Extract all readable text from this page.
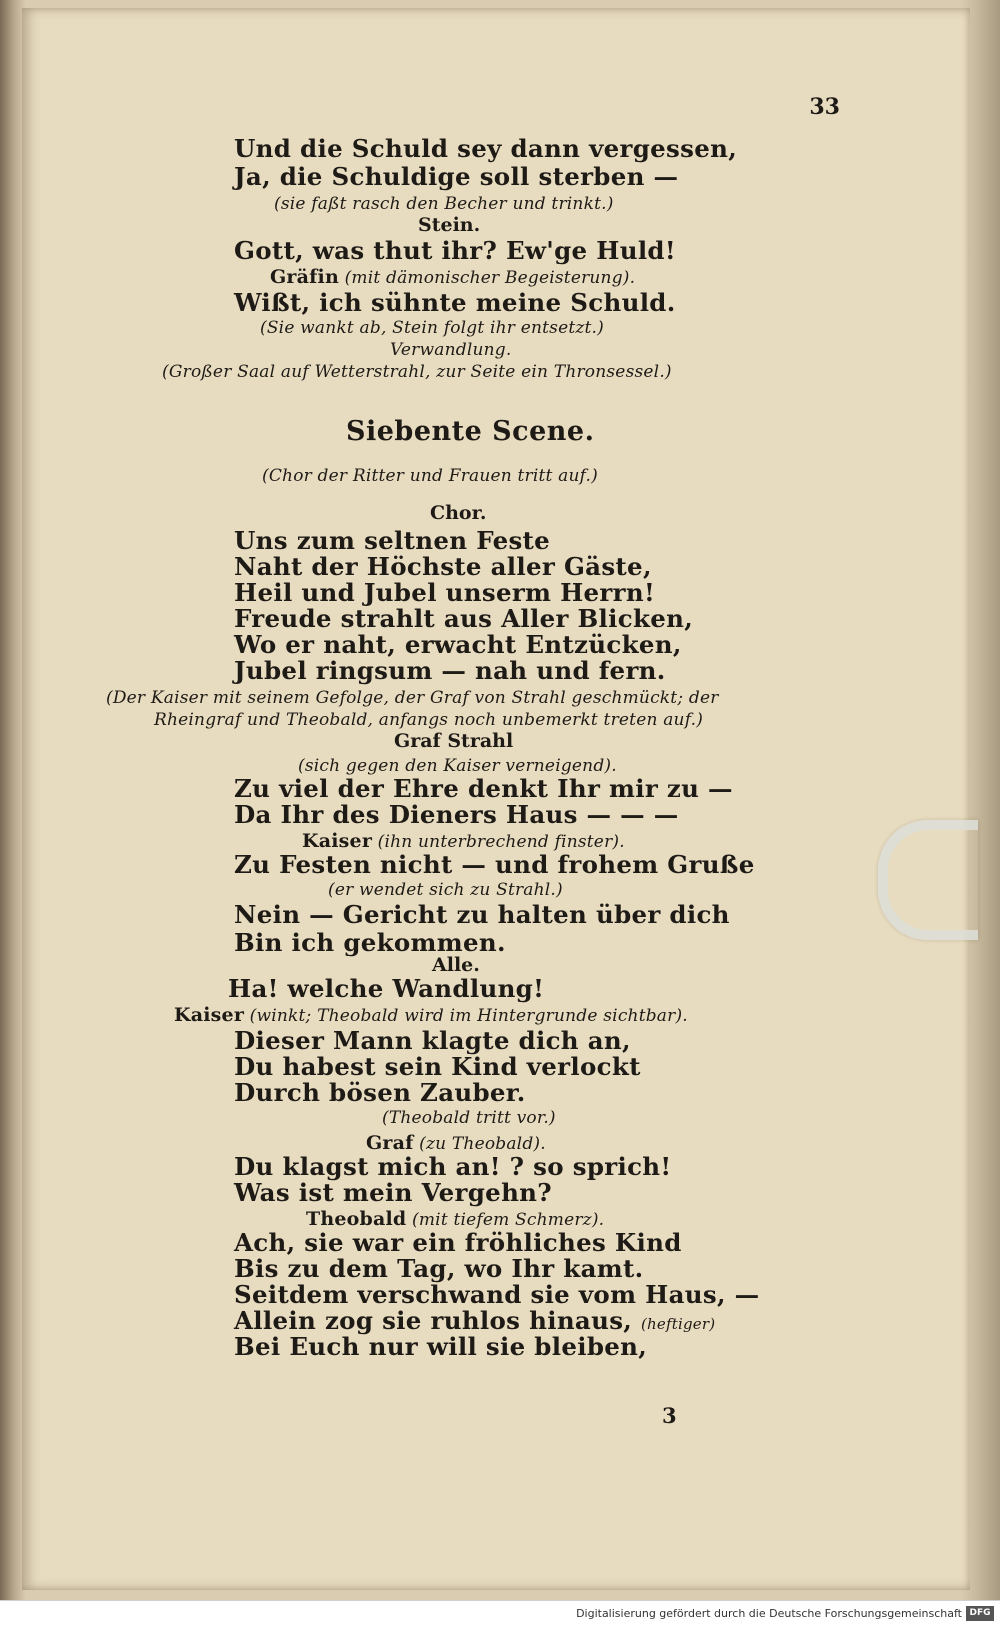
33

Und die Schuld sey dann vergessen,

Ja, die Schuldige soll sterben —

(sie faßt rasch den Becher und trinkt.)

Stein.

Gott, was thut ihr? Ew'ge Huld!

Gräfin (mit dämonischer Begeisterung).

Wißt, ich sühnte meine Schuld.

(Sie wankt ab, Stein folgt ihr entsetzt.)

Verwandlung.

(Großer Saal auf Wetterstrahl, zur Seite ein Thronsessel.)

Siebente Scene.

(Chor der Ritter und Frauen tritt auf.)

Chor.

Uns zum seltnen Feste

Naht der Höchste aller Gäste,

Heil und Jubel unserm Herrn!

Freude strahlt aus Aller Blicken,

Wo er naht, erwacht Entzücken,

Jubel ringsum — nah und fern.

(Der Kaiser mit seinem Gefolge, der Graf von Strahl geschmückt; der

Rheingraf und Theobald, anfangs noch unbemerkt treten auf.)

Graf Strahl

(sich gegen den Kaiser verneigend).

Zu viel der Ehre denkt Ihr mir zu —

Da Ihr des Dieners Haus — — —

Kaiser (ihn unterbrechend finster).

Zu Festen nicht — und frohem Gruße

(er wendet sich zu Strahl.)

Nein — Gericht zu halten über dich

Bin ich gekommen.

Alle.

Ha! welche Wandlung!

Kaiser (winkt; Theobald wird im Hintergrunde sichtbar).

Dieser Mann klagte dich an,

Du habest sein Kind verlockt

Durch bösen Zauber.

(Theobald tritt vor.)

Graf (zu Theobald).

Du klagst mich an! ? so sprich!

Was ist mein Vergehn?

Theobald (mit tiefem Schmerz).

Ach, sie war ein fröhliches Kind

Bis zu dem Tag, wo Ihr kamt.

Seitdem verschwand sie vom Haus, —

Allein zog sie ruhlos hinaus, (heftiger)

Bei Euch nur will sie bleiben,

3
Digitalisierung gefördert durch die Deutsche Forschungsgemeinschaft DFG
